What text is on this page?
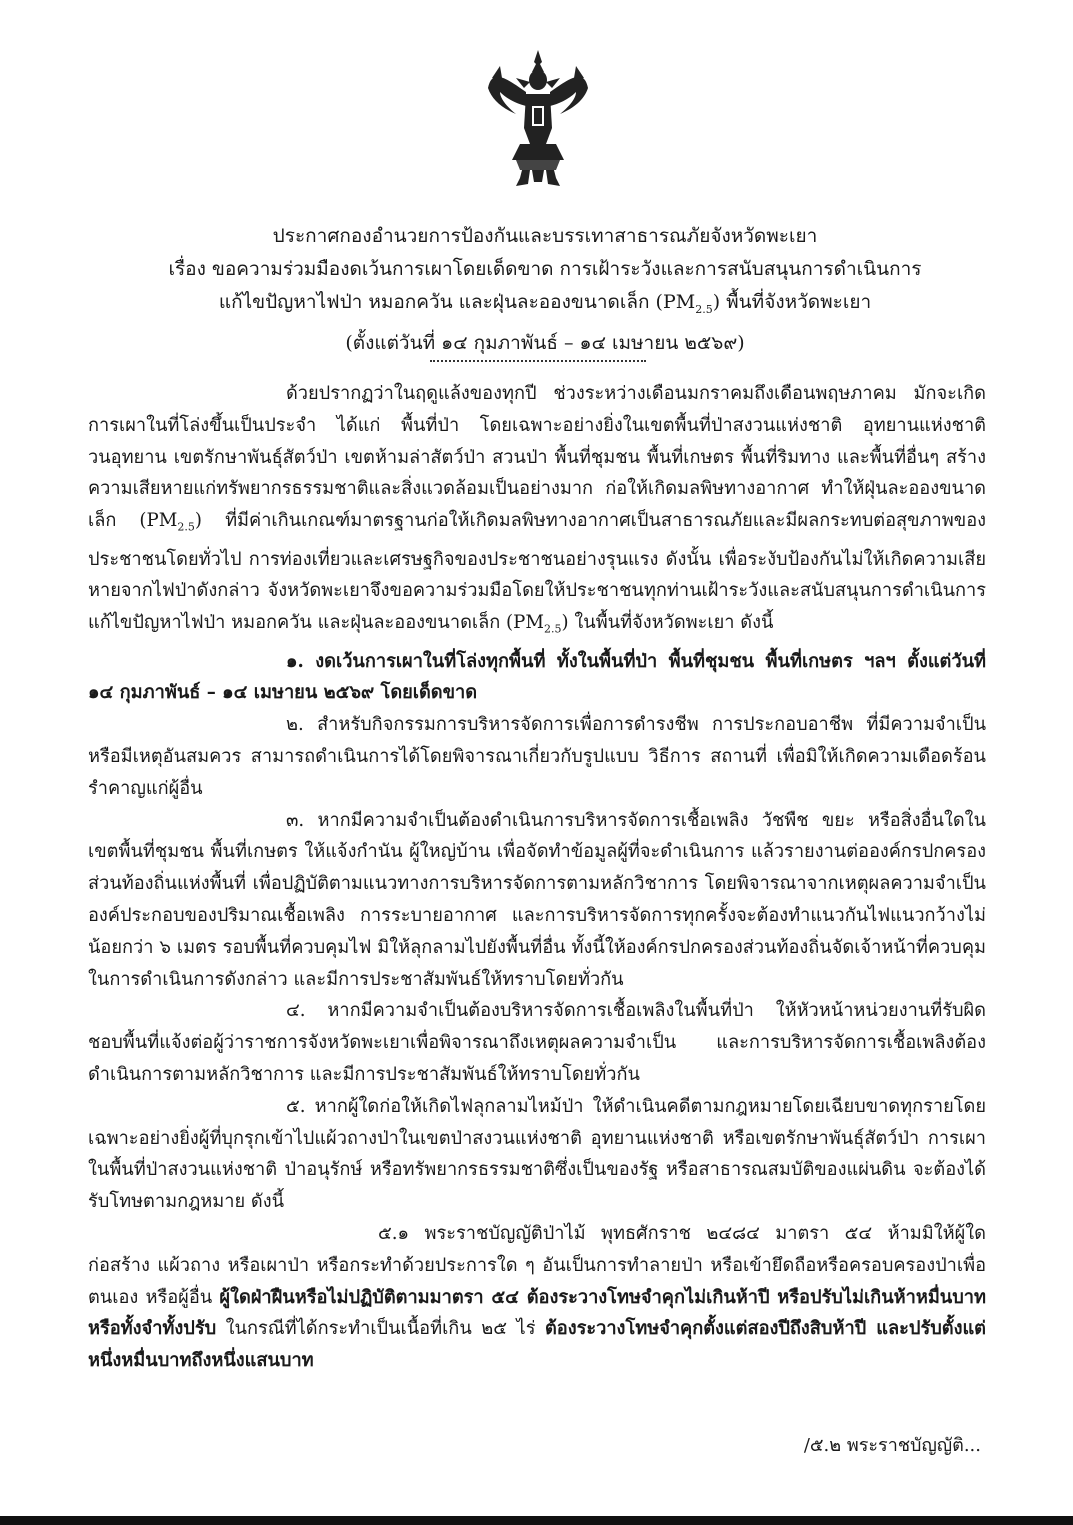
ประกาศกองอำนวยการป้องกันและบรรเทาสาธารณภัยจังหวัดพะเยา
เรื่อง ขอความร่วมมืองดเว้นการเผาโดยเด็ดขาด การเฝ้าระวังและการสนับสนุนการดำเนินการ
แก้ไขปัญหาไฟป่า หมอกควัน และฝุ่นละอองขนาดเล็ก $(PM_{2.5})$ พื้นที่จังหวัดพะเยา
(ตั้งแต่วันที่ ๑๔ กุมภาพันธ์ – ๑๔ เมษายน ๒๕๖๙)

ด้วยปรากฏว่าในฤดูแล้งของทุกปี ช่วงระหว่างเดือนมกราคมถึงเดือนพฤษภาคม มักจะเกิดการเผาในที่โล่งขึ้นเป็นประจำ ได้แก่ พื้นที่ป่า โดยเฉพาะอย่างยิ่งในเขตพื้นที่ป่าสงวนแห่งชาติ อุทยานแห่งชาติ วนอุทยาน เขตรักษาพันธุ์สัตว์ป่า เขตห้ามล่าสัตว์ป่า สวนป่า พื้นที่ชุมชน พื้นที่เกษตร พื้นที่ริมทาง และพื้นที่อื่นๆ สร้างความเสียหายแก่ทรัพยากรธรรมชาติและสิ่งแวดล้อมเป็นอย่างมาก ก่อให้เกิดมลพิษทางอากาศ ทำให้ฝุ่นละอองขนาดเล็ก $(PM_{2.5})$ ที่มีค่าเกินเกณฑ์มาตรฐานก่อให้เกิดมลพิษทางอากาศเป็นสาธารณภัยและมีผลกระทบต่อสุขภาพของประชาชนโดยทั่วไป การท่องเที่ยวและเศรษฐกิจของประชาชนอย่างรุนแรง ดังนั้น เพื่อระงับป้องกันไม่ให้เกิดความเสียหายจากไฟป่าดังกล่าว จังหวัดพะเยาจึงขอความร่วมมือโดยให้ประชาชนทุกท่านเฝ้าระวังและสนับสนุนการดำเนินการแก้ไขปัญหาไฟป่า หมอกควัน และฝุ่นละอองขนาดเล็ก $(PM_{2.5})$ ในพื้นที่จังหวัดพะเยา ดังนี้

๑. งดเว้นการเผาในที่โล่งทุกพื้นที่ ทั้งในพื้นที่ป่า พื้นที่ชุมชน พื้นที่เกษตร ฯลฯ ตั้งแต่วันที่ ๑๔ กุมภาพันธ์ – ๑๔ เมษายน ๒๕๖๙ โดยเด็ดขาด

๒. สำหรับกิจกรรมการบริหารจัดการเพื่อการดำรงชีพ การประกอบอาชีพ ที่มีความจำเป็นหรือมีเหตุอันสมควร สามารถดำเนินการได้โดยพิจารณาเกี่ยวกับรูปแบบ วิธีการ สถานที่ เพื่อมิให้เกิดความเดือดร้อนรำคาญแก่ผู้อื่น

๓. หากมีความจำเป็นต้องดำเนินการบริหารจัดการเชื้อเพลิง วัชพืช ขยะ หรือสิ่งอื่นใดในเขตพื้นที่ชุมชน พื้นที่เกษตร ให้แจ้งกำนัน ผู้ใหญ่บ้าน เพื่อจัดทำข้อมูลผู้ที่จะดำเนินการ แล้วรายงานต่อองค์กรปกครองส่วนท้องถิ่นแห่งพื้นที่ เพื่อปฏิบัติตามแนวทางการบริหารจัดการตามหลักวิชาการ โดยพิจารณาจากเหตุผลความจำเป็น องค์ประกอบของปริมาณเชื้อเพลิง การระบายอากาศ และการบริหารจัดการทุกครั้งจะต้องทำแนวกันไฟแนวกว้างไม่น้อยกว่า ๖ เมตร รอบพื้นที่ควบคุมไฟ มิให้ลุกลามไปยังพื้นที่อื่น ทั้งนี้ให้องค์กรปกครองส่วนท้องถิ่นจัดเจ้าหน้าที่ควบคุมในการดำเนินการดังกล่าว และมีการประชาสัมพันธ์ให้ทราบโดยทั่วกัน

๔. หากมีความจำเป็นต้องบริหารจัดการเชื้อเพลิงในพื้นที่ป่า ให้หัวหน้าหน่วยงานที่รับผิดชอบพื้นที่แจ้งต่อผู้ว่าราชการจังหวัดพะเยาเพื่อพิจารณาถึงเหตุผลความจำเป็น และการบริหารจัดการเชื้อเพลิงต้องดำเนินการตามหลักวิชาการ และมีการประชาสัมพันธ์ให้ทราบโดยทั่วกัน

๕. หากผู้ใดก่อให้เกิดไฟลุกลามไหม้ป่า ให้ดำเนินคดีตามกฎหมายโดยเฉียบขาดทุกรายโดยเฉพาะอย่างยิ่งผู้ที่บุกรุกเข้าไปแผ้วถางป่าในเขตป่าสงวนแห่งชาติ อุทยานแห่งชาติ หรือเขตรักษาพันธุ์สัตว์ป่า การเผาในพื้นที่ป่าสงวนแห่งชาติ ป่าอนุรักษ์ หรือทรัพยากรธรรมชาติซึ่งเป็นของรัฐ หรือสาธารณสมบัติของแผ่นดิน จะต้องได้รับโทษตามกฎหมาย ดังนี้

๕.๑ พระราชบัญญัติป่าไม้ พุทธศักราช ๒๔๘๔ มาตรา ๕๔ ห้ามมิให้ผู้ใดก่อสร้าง แผ้วถาง หรือเผาป่า หรือกระทำด้วยประการใด ๆ อันเป็นการทำลายป่า หรือเข้ายึดถือหรือครอบครองป่าเพื่อตนเอง หรือผู้อื่น ผู้ใดฝ่าฝืนหรือไม่ปฏิบัติตามมาตรา ๕๔ ต้องระวางโทษจำคุกไม่เกินห้าปี หรือปรับไม่เกินห้าหมื่นบาท หรือทั้งจำทั้งปรับ ในกรณีที่ได้กระทำเป็นเนื้อที่เกิน ๒๕ ไร่ ต้องระวางโทษจำคุกตั้งแต่สองปีถึงสิบห้าปี และปรับตั้งแต่หนึ่งหมื่นบาทถึงหนึ่งแสนบาท

/๕.๒ พระราชบัญญัติ...
